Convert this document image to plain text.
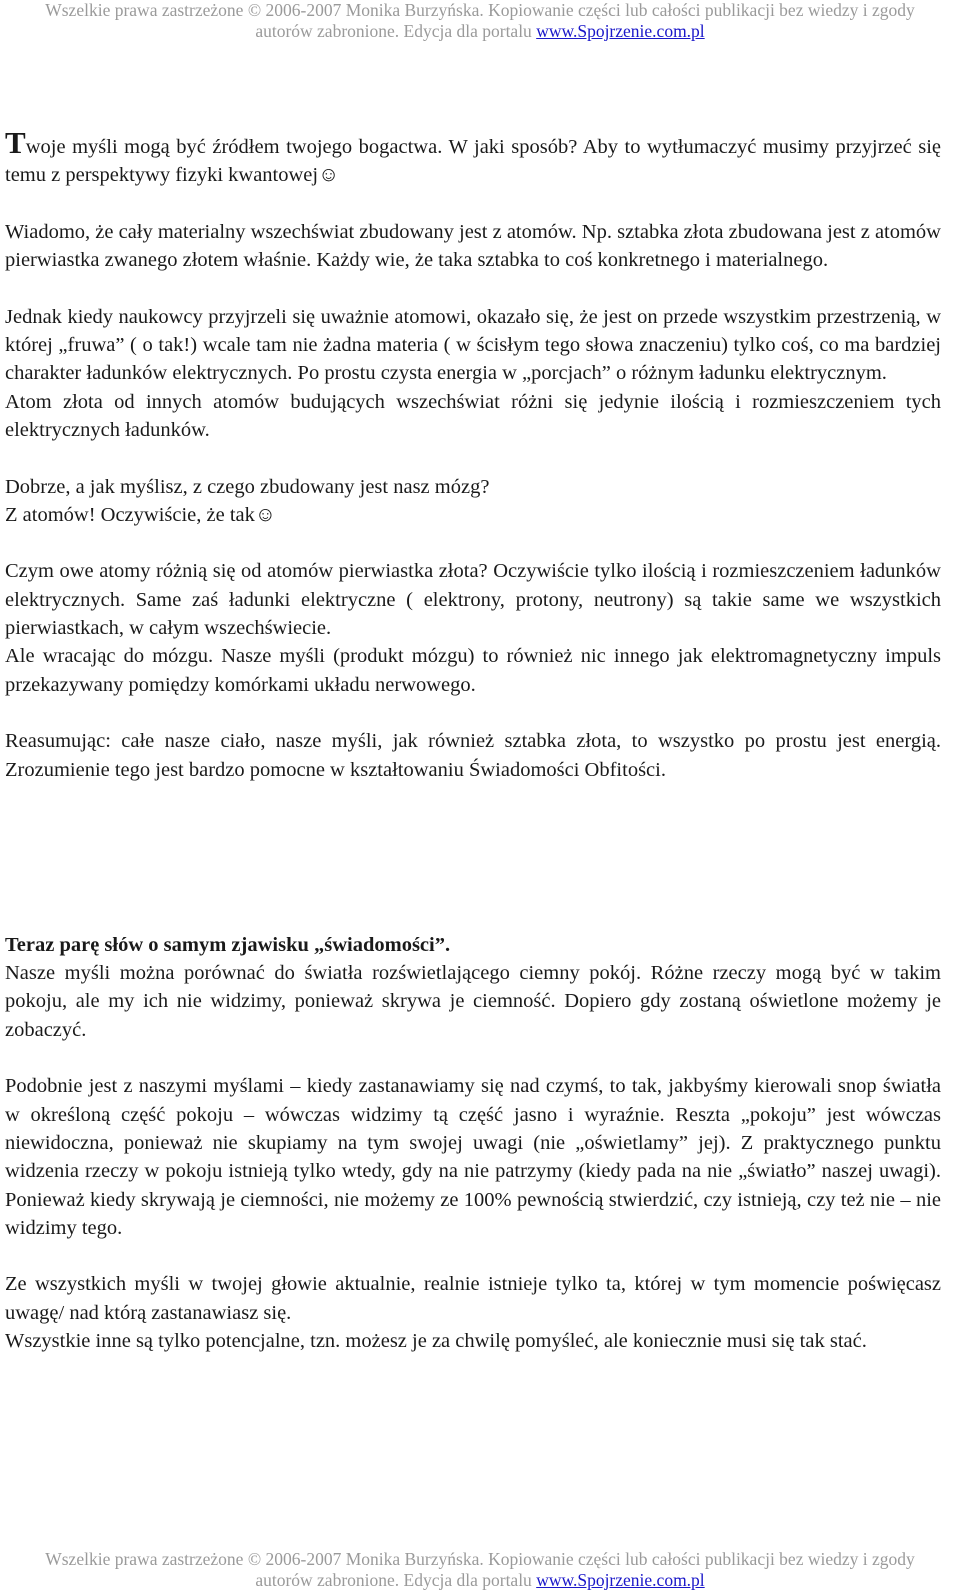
Wszelkie prawa zastrzeżone © 2006-2007 Monika Burzyńska. Kopiowanie części lub całości publikacji bez wiedzy i zgody
autorów zabronione. Edycja dla portalu www.Spojrzenie.com.pl

Twoje myśli mogą być źródłem twojego bogactwa. W jaki sposób? Aby to wytłumaczyć musimy przyjrzeć się temu z perspektywy fizyki kwantowej☺

Wiadomo, że cały materialny wszechświat zbudowany jest z atomów. Np. sztabka złota zbudowana jest z atomów pierwiastka zwanego złotem właśnie. Każdy wie, że taka sztabka to coś konkretnego i materialnego.

Jednak kiedy naukowcy przyjrzeli się uważnie atomowi, okazało się, że jest on przede wszystkim przestrzenią, w której „fruwa” ( o tak!) wcale tam nie żadna materia ( w ścisłym tego słowa znaczeniu) tylko coś, co ma bardziej charakter ładunków elektrycznych. Po prostu czysta energia w „porcjach” o różnym ładunku elektrycznym.

Atom złota od innych atomów budujących wszechświat różni się jedynie ilością i rozmieszczeniem tych elektrycznych ładunków.

Dobrze, a jak myślisz, z czego zbudowany jest nasz mózg?

Z atomów! Oczywiście, że tak☺

Czym owe atomy różnią się od atomów pierwiastka złota? Oczywiście tylko ilością i rozmieszczeniem ładunków elektrycznych. Same zaś ładunki elektryczne ( elektrony, protony, neutrony) są takie same we wszystkich pierwiastkach, w całym wszechświecie.

Ale wracając do mózgu. Nasze myśli (produkt mózgu) to również nic innego jak elektromagnetyczny impuls przekazywany pomiędzy komórkami układu nerwowego.

Reasumując: całe nasze ciało, nasze myśli, jak również sztabka złota, to wszystko po prostu jest energią. Zrozumienie tego jest bardzo pomocne w kształtowaniu Świadomości Obfitości.

Teraz parę słów o samym zjawisku „świadomości”.

Nasze myśli można porównać do światła rozświetlającego ciemny pokój. Różne rzeczy mogą być w takim pokoju, ale my ich nie widzimy, ponieważ skrywa je ciemność. Dopiero gdy zostaną oświetlone możemy je zobaczyć.

Podobnie jest z naszymi myślami – kiedy zastanawiamy się nad czymś, to tak, jakbyśmy kierowali snop światła w określoną część pokoju – wówczas widzimy tą część jasno i wyraźnie. Reszta „pokoju” jest wówczas niewidoczna, ponieważ nie skupiamy na tym swojej uwagi (nie „oświetlamy” jej). Z praktycznego punktu widzenia rzeczy w pokoju istnieją tylko wtedy, gdy na nie patrzymy (kiedy pada na nie „światło” naszej uwagi). Ponieważ kiedy skrywają je ciemności, nie możemy ze 100% pewnością stwierdzić, czy istnieją, czy też nie – nie widzimy tego.

Ze wszystkich myśli w twojej głowie aktualnie, realnie istnieje tylko ta, której w tym momencie poświęcasz uwagę/ nad którą zastanawiasz się.

Wszystkie inne są tylko potencjalne, tzn. możesz je za chwilę pomyśleć, ale koniecznie musi się tak stać.

Wszelkie prawa zastrzeżone © 2006-2007 Monika Burzyńska. Kopiowanie części lub całości publikacji bez wiedzy i zgody
autorów zabronione. Edycja dla portalu www.Spojrzenie.com.pl
